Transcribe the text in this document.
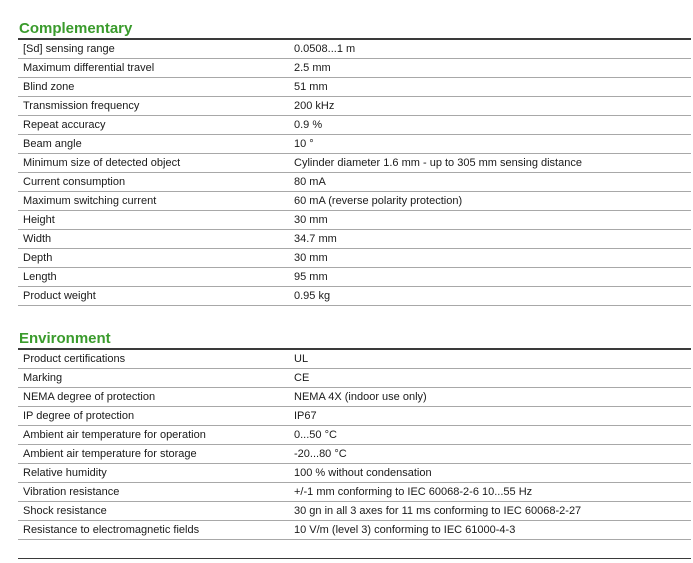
Complementary
[Sd] sensing range	0.0508...1 m
Maximum differential travel	2.5 mm
Blind zone	51 mm
Transmission frequency	200 kHz
Repeat accuracy	0.9 %
Beam angle	10 °
Minimum size of detected object	Cylinder diameter 1.6 mm - up to 305 mm sensing distance
Current consumption	80 mA
Maximum switching current	60 mA (reverse polarity protection)
Height	30 mm
Width	34.7 mm
Depth	30 mm
Length	95 mm
Product weight	0.95 kg
Environment
Product certifications	UL
Marking	CE
NEMA degree of protection	NEMA 4X (indoor use only)
IP degree of protection	IP67
Ambient air temperature for operation	0...50 °C
Ambient air temperature for storage	-20...80 °C
Relative humidity	100 % without condensation
Vibration resistance	+/-1 mm conforming to IEC 60068-2-6 10...55 Hz
Shock resistance	30 gn in all 3 axes for 11 ms conforming to IEC 60068-2-27
Resistance to electromagnetic fields	10 V/m (level 3) conforming to IEC 61000-4-3
